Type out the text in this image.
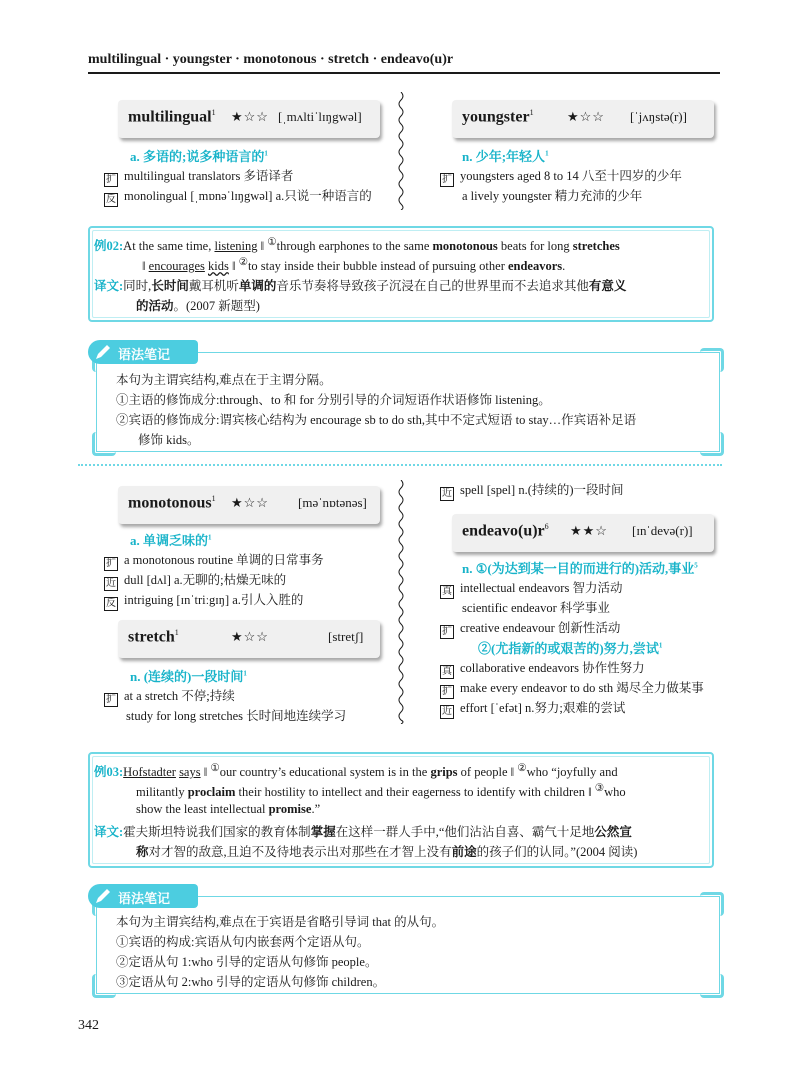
multilingual · youngster · monotonous · stretch · endeavo(u)r
multilingual$^1$ ★☆☆ [ˌmʌltiˈlɪŋgwəl]
a. 多语的;说多种语言的$^1$
扩 multilingual translators 多语译者
反 monolingual [ˌmɒnəˈlɪŋgwəl] a.只说一种语言的
youngster$^1$	★☆☆ [ˈjʌŋstə(r)]
n. 少年;年轻人$^1$
扩 youngsters aged 8 to 14 八至十四岁的少年
a lively youngster 精力充沛的少年
例02:At the same time, listening ‖ ①through earphones to the same monotonous beats for long stretches
‖ encourages kids ‖ ②to stay inside their bubble instead of pursuing other endeavors.
译文:同时,长时间戴耳机听单调的音乐节奏将导致孩子沉浸在自己的世界里而不去追求其他有意义
的活动。(2007 新题型)
语法笔记
本句为主谓宾结构,难点在于主谓分隔。
①主语的修饰成分:through、to 和 for 分别引导的介词短语作状语修饰 listening。
②宾语的修饰成分:谓宾核心结构为 encourage sb to do sth,其中不定式短语 to stay…作宾语补足语
修饰 kids。
monotonous$^1$ ★☆☆ [məˈnɒtənəs]
a. 单调乏味的$^1$
扩 a monotonous routine 单调的日常事务
近 dull [dʌl] a.无聊的;枯燥无味的
反 intriguing [ɪnˈtriːgɪŋ] a.引人入胜的
stretch$^1$	★☆☆	[stretʃ]
n. (连续的)一段时间$^1$
扩 at a stretch 不停;持续
study for long stretches 长时间地连续学习
近 spell [spel] n.(持续的)一段时间
$endeavo(u)r^6$ ★★☆ [ɪnˈdevə(r)]
n. ①(为达到某一目的而进行的)活动,事业$^5$
真 intellectual endeavors 智力活动
scientific endeavor 科学事业
扩 creative endeavour 创新性活动
②(尤指新的或艰苦的)努力,尝试$^1$
真 collaborative endeavors 协作性努力
扩 make every endeavor to do sth 竭尽全力做某事
近 effort [ˈefət] n.努力;艰难的尝试
例03:Hofstadter says ‖ ①our country’s educational system is in the grips of people ‖ ②who “joyfully and
militantly proclaim their hostility to intellect and their eagerness to identify with children ‖ ③who
show the least intellectual promise.”
译文:霍夫斯坦特说我们国家的教育体制掌握在这样一群人手中,“他们沾沾自喜、霸气十足地公然宣
称对才智的敌意,且迫不及待地表示出对那些在才智上没有前途的孩子们的认同。”(2004 阅读)
语法笔记
本句为主谓宾结构,难点在于宾语是省略引导词 that 的从句。
①宾语的构成:宾语从句内嵌套两个定语从句。
②定语从句 1:who 引导的定语从句修饰 people。
③定语从句 2:who 引导的定语从句修饰 children。
342
